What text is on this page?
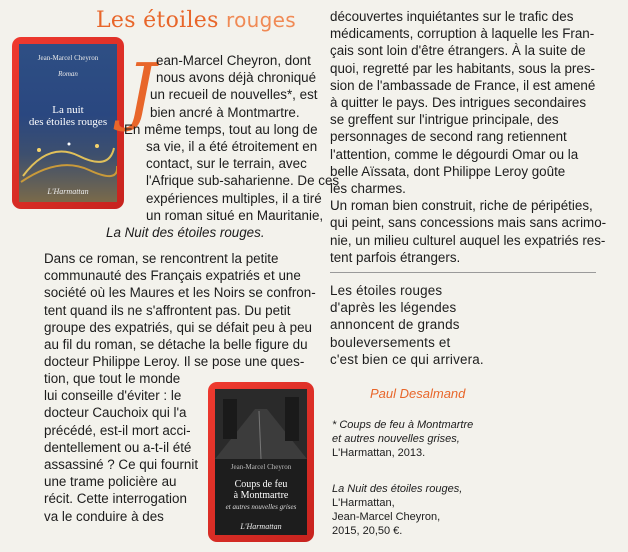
Les étoiles rouges
Jean-Marcel Cheyron
Roman
La nuit
des étoiles rouges
L'Harmattan
J ean-Marcel Cheyron, dont
nous avons déjà chroniqué
un recueil de nouvelles*, est
bien ancré à Montmartre.
En même temps, tout au long de
sa vie, il a été étroitement en
contact, sur le terrain, avec
l'Afrique sub-saharienne. De ces
expériences multiples, il a tiré
un roman situé en Mauritanie,
La Nuit des étoiles rouges.
Dans ce roman, se rencontrent la petite
communauté des Français expatriés et une
société où les Maures et les Noirs se confron-
tent quand ils ne s'affrontent pas. Du petit
groupe des expatriés, qui se défait peu à peu
au fil du roman, se détache la belle figure du
docteur Philippe Leroy. Il se pose une ques-
tion, que tout le monde
lui conseille d'éviter : le
docteur Cauchoix qui l'a
précédé, est-il mort acci-
dentellement ou a-t-il été
assassiné ? Ce qui fournit
une trame policière au
récit. Cette interrogation
va le conduire à des
Jean-Marcel Cheyron
Coups de feu
à Montmartre
et autres nouvelles grises
L'Harmattan
découvertes inquiétantes sur le trafic des
médicaments, corruption à laquelle les Fran-
çais sont loin d'être étrangers. À la suite de
quoi, regretté par les habitants, sous la pres-
sion de l'ambassade de France, il est amené
à quitter le pays. Des intrigues secondaires
se greffent sur l'intrigue principale, des
personnages de second rang retiennent
l'attention, comme le dégourdi Omar ou la
belle Aïssata, dont Philippe Leroy goûte
les charmes.
Un roman bien construit, riche de péripéties,
qui peint, sans concessions mais sans acrimo-
nie, un milieu culturel auquel les expatriés res-
tent parfois étrangers.
Les étoiles rouges
d'après les légendes
annoncent de grands
bouleversements et
c'est bien ce qui arrivera.
Paul Desalmand
* Coups de feu à Montmartre
et autres nouvelles grises,
L'Harmattan, 2013.
La Nuit des étoiles rouges,
L'Harmattan,
Jean-Marcel Cheyron,
2015, 20,50 €.
